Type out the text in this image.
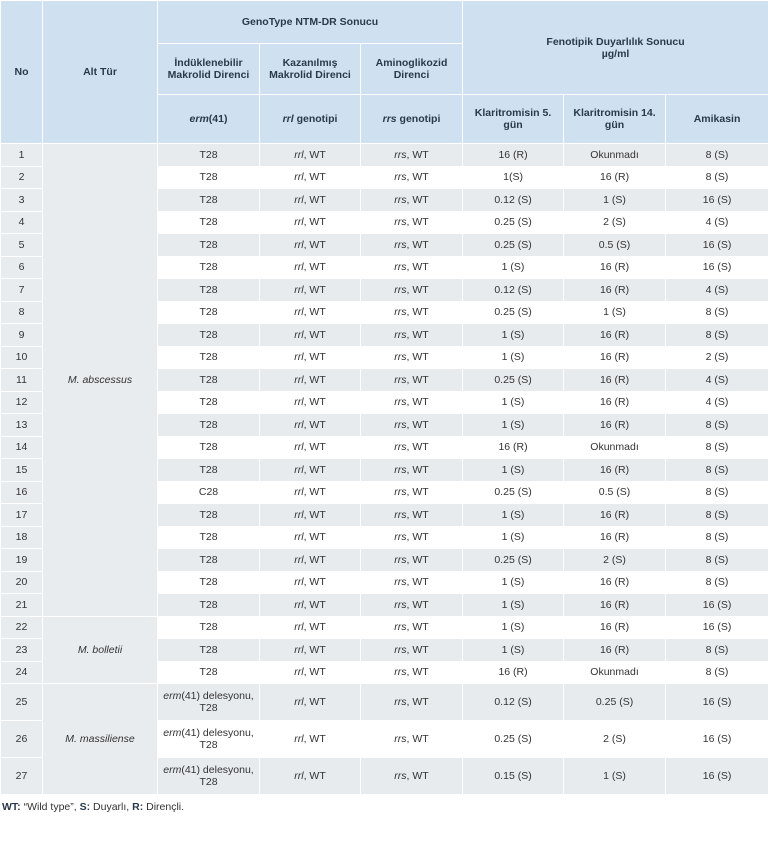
No	Alt Tür	GenoType NTM-DR Sonucu			Fenotipik Duyarlılık Sonucu
µg/ml		
		İndüklenebilir Makrolid Direnci	Kazanılmış Makrolid Direnci	Aminoglikozid Direnci			
		erm(41)	rrl genotipi	rrs genotipi	Klaritromisin 5. gün	Klaritromisin 14. gün	Amikasin
1	M. abscessus	T28	rrl, WT	rrs, WT	16 (R)	Okunmadı	8 (S)
2		T28	rrl, WT	rrs, WT	1(S)	16 (R)	8 (S)
3		T28	rrl, WT	rrs, WT	0.12 (S)	1 (S)	16 (S)
4		T28	rrl, WT	rrs, WT	0.25 (S)	2 (S)	4 (S)
5		T28	rrl, WT	rrs, WT	0.25 (S)	0.5 (S)	16 (S)
6		T28	rrl, WT	rrs, WT	1 (S)	16 (R)	16 (S)
7		T28	rrl, WT	rrs, WT	0.12 (S)	16 (R)	4 (S)
8		T28	rrl, WT	rrs, WT	0.25 (S)	1 (S)	8 (S)
9		T28	rrl, WT	rrs, WT	1 (S)	16 (R)	8 (S)
10		T28	rrl, WT	rrs, WT	1 (S)	16 (R)	2 (S)
11		T28	rrl, WT	rrs, WT	0.25 (S)	16 (R)	4 (S)
12		T28	rrl, WT	rrs, WT	1 (S)	16 (R)	4 (S)
13		T28	rrl, WT	rrs, WT	1 (S)	16 (R)	8 (S)
14		T28	rrl, WT	rrs, WT	16 (R)	Okunmadı	8 (S)
15		T28	rrl, WT	rrs, WT	1 (S)	16 (R)	8 (S)
16		C28	rrl, WT	rrs, WT	0.25 (S)	0.5 (S)	8 (S)
17		T28	rrl, WT	rrs, WT	1 (S)	16 (R)	8 (S)
18		T28	rrl, WT	rrs, WT	1 (S)	16 (R)	8 (S)
19		T28	rrl, WT	rrs, WT	0.25 (S)	2 (S)	8 (S)
20		T28	rrl, WT	rrs, WT	1 (S)	16 (R)	8 (S)
21		T28	rrl, WT	rrs, WT	1 (S)	16 (R)	16 (S)
22	M. bolletii	T28	rrl, WT	rrs, WT	1 (S)	16 (R)	16 (S)
23		T28	rrl, WT	rrs, WT	1 (S)	16 (R)	8 (S)
24		T28	rrl, WT	rrs, WT	16 (R)	Okunmadı	8 (S)
25	M. massiliense	erm(41) delesyonu, T28	rrl, WT	rrs, WT	0.12 (S)	0.25 (S)	16 (S)
26		erm(41) delesyonu, T28	rrl, WT	rrs, WT	0.25 (S)	2 (S)	16 (S)
27		erm(41) delesyonu, T28	rrl, WT	rrs, WT	0.15 (S)	1 (S)	16 (S)
WT: “Wild type”, S: Duyarlı, R: Dirençli.
